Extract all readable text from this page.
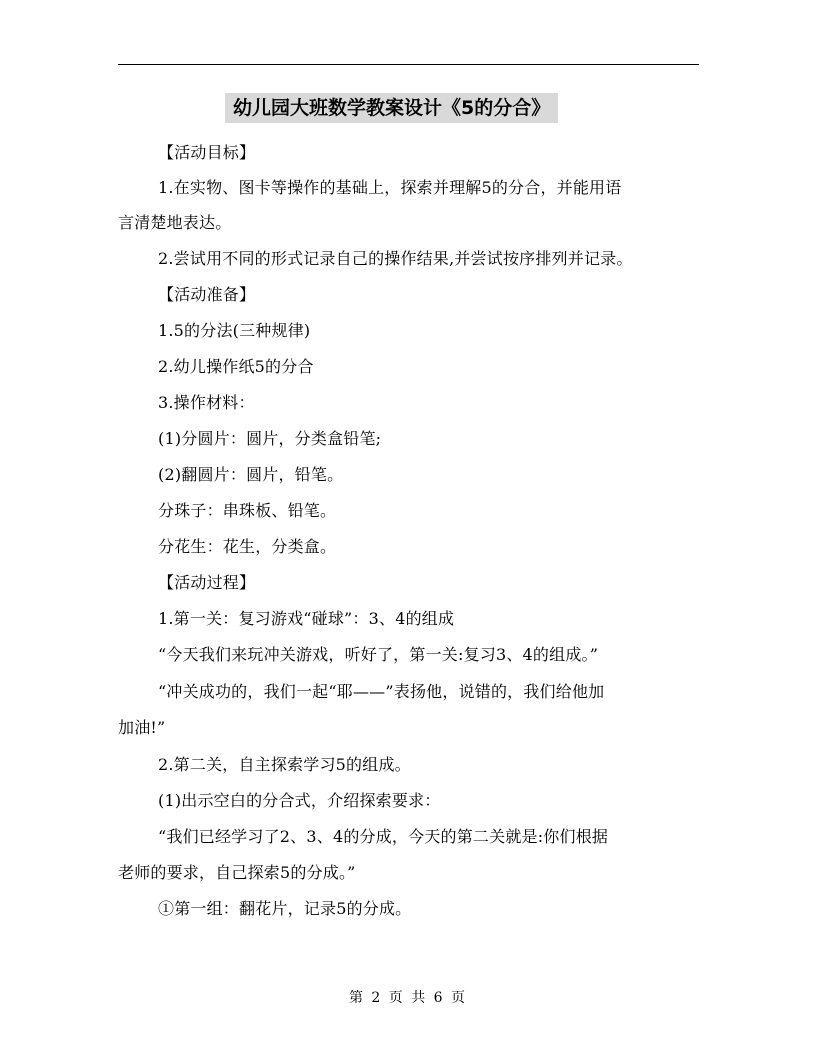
幼儿园大班数学教案设计《5的分合》
【活动目标】
1.在实物、图卡等操作的基础上，探索并理解5的分合，并能用语
言清楚地表达。
2.尝试用不同的形式记录自己的操作结果,并尝试按序排列并记录。
【活动准备】
1.5的分法(三种规律)
2.幼儿操作纸5的分合
3.操作材料：
(1)分圆片：圆片，分类盒铅笔;
(2)翻圆片：圆片，铅笔。
分珠子：串珠板、铅笔。
分花生：花生，分类盒。
【活动过程】
1.第一关：复习游戏“碰球”：3、4的组成
“今天我们来玩冲关游戏，听好了，第一关:复习3、4的组成。”
“冲关成功的，我们一起“耶——”表扬他，说错的，我们给他加
加油!”
2.第二关，自主探索学习5的组成。
(1)出示空白的分合式，介绍探索要求：
“我们已经学习了2、3、4的分成，今天的第二关就是:你们根据
老师的要求，自己探索5的分成。”
①第一组：翻花片，记录5的分成。
第 2 页 共 6 页
